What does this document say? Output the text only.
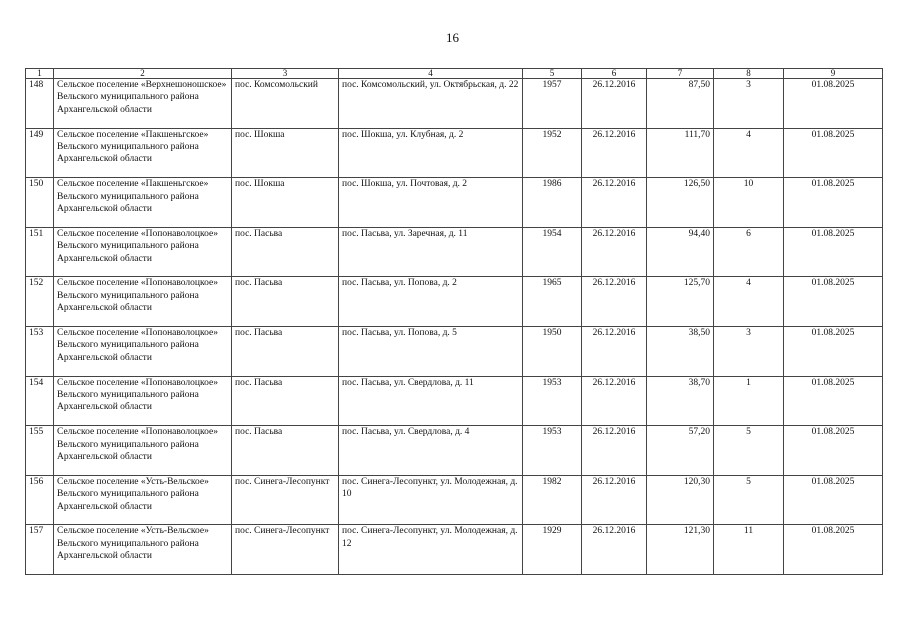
16
1	2	3	4	5	6	7	8	9
148	Сельское поселение «Верхнешоношское» Вельского муниципального района Архангельской области	пос. Комсомольский	пос. Комсомольский, ул. Октябрьская, д. 22	1957	26.12.2016	87,50	3	01.08.2025
149	Сельское поселение «Пакшеньгское» Вельского муниципального района Архангельской области	пос. Шокша	пос. Шокша, ул. Клубная, д. 2	1952	26.12.2016	111,70	4	01.08.2025
150	Сельское поселение «Пакшеньгское» Вельского муниципального района Архангельской области	пос. Шокша	пос. Шокша, ул. Почтовая, д. 2	1986	26.12.2016	126,50	10	01.08.2025
151	Сельское поселение «Попонаволоцкое» Вельского муниципального района Архангельской области	пос. Пасьва	пос. Пасьва, ул. Заречная, д. 11	1954	26.12.2016	94,40	6	01.08.2025
152	Сельское поселение «Попонаволоцкое» Вельского муниципального района Архангельской области	пос. Пасьва	пос. Пасьва, ул. Попова, д. 2	1965	26.12.2016	125,70	4	01.08.2025
153	Сельское поселение «Попонаволоцкое» Вельского муниципального района Архангельской области	пос. Пасьва	пос. Пасьва, ул. Попова, д. 5	1950	26.12.2016	38,50	3	01.08.2025
154	Сельское поселение «Попонаволоцкое» Вельского муниципального района Архангельской области	пос. Пасьва	пос. Пасьва, ул. Свердлова, д. 11	1953	26.12.2016	38,70	1	01.08.2025
155	Сельское поселение «Попонаволоцкое» Вельского муниципального района Архангельской области	пос. Пасьва	пос. Пасьва, ул. Свердлова, д. 4	1953	26.12.2016	57,20	5	01.08.2025
156	Сельское поселение «Усть-Вельское» Вельского муниципального района Архангельской области	пос. Синега-Лесопункт	пос. Синега-Лесопункт, ул. Молодежная, д. 10	1982	26.12.2016	120,30	5	01.08.2025
157	Сельское поселение «Усть-Вельское» Вельского муниципального района Архангельской области	пос. Синега-Лесопункт	пос. Синега-Лесопункт, ул. Молодежная, д. 12	1929	26.12.2016	121,30	11	01.08.2025
